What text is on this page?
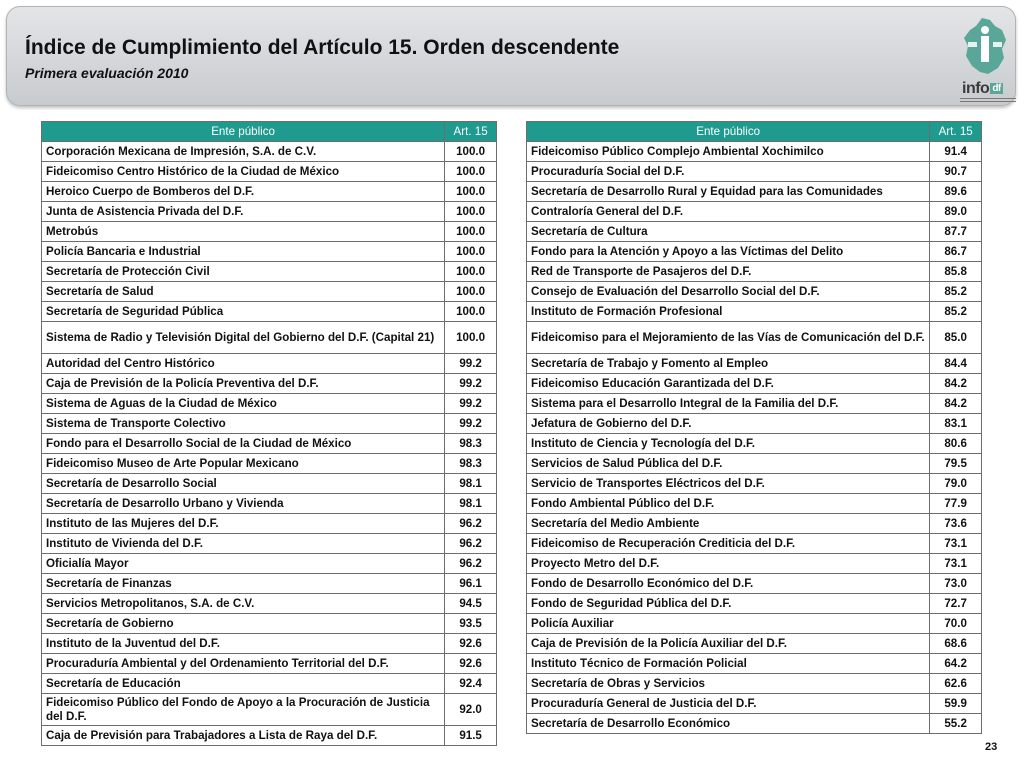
Índice de Cumplimiento del Artículo 15. Orden descendente
Primera evaluación 2010
info df
Ente público	Art. 15
Corporación Mexicana de Impresión, S.A. de C.V.	100.0
Fideicomiso Centro Histórico de la Ciudad de México	100.0
Heroico Cuerpo de Bomberos del D.F.	100.0
Junta de Asistencia Privada del D.F.	100.0
Metrobús	100.0
Policía Bancaria e Industrial	100.0
Secretaría de Protección Civil	100.0
Secretaría de Salud	100.0
Secretaría de Seguridad Pública	100.0
Sistema de Radio y Televisión Digital del Gobierno del D.F. (Capital 21)	100.0
Autoridad del Centro Histórico	99.2
Caja de Previsión de la Policía Preventiva del D.F.	99.2
Sistema de Aguas de la Ciudad de México	99.2
Sistema de Transporte Colectivo	99.2
Fondo para el Desarrollo Social de la Ciudad de México	98.3
Fideicomiso Museo de Arte Popular Mexicano	98.3
Secretaría de Desarrollo Social	98.1
Secretaría de Desarrollo Urbano y Vivienda	98.1
Instituto de las Mujeres del D.F.	96.2
Instituto de Vivienda del D.F.	96.2
Oficialía Mayor	96.2
Secretaría de Finanzas	96.1
Servicios Metropolitanos, S.A. de C.V.	94.5
Secretaría de Gobierno	93.5
Instituto de la Juventud del D.F.	92.6
Procuraduría Ambiental y del Ordenamiento Territorial del D.F.	92.6
Secretaría de Educación	92.4
Fideicomiso Público del Fondo de Apoyo a la Procuración de Justicia del D.F.	92.0
Caja de Previsión para Trabajadores a Lista de Raya del D.F.	91.5
Ente público	Art. 15
Fideicomiso Público Complejo Ambiental Xochimilco	91.4
Procuraduría Social del D.F.	90.7
Secretaría de Desarrollo Rural y Equidad para las Comunidades	89.6
Contraloría General del D.F.	89.0
Secretaría de Cultura	87.7
Fondo para la Atención y Apoyo a las Víctimas del Delito	86.7
Red de Transporte de Pasajeros del D.F.	85.8
Consejo de Evaluación del Desarrollo Social del D.F.	85.2
Instituto de Formación Profesional	85.2
Fideicomiso para el Mejoramiento de las Vías de Comunicación del D.F.	85.0
Secretaría de Trabajo y Fomento al Empleo	84.4
Fideicomiso Educación Garantizada del D.F.	84.2
Sistema para el Desarrollo Integral de la Familia del D.F.	84.2
Jefatura de Gobierno del D.F.	83.1
Instituto de Ciencia y Tecnología del D.F.	80.6
Servicios de Salud Pública del D.F.	79.5
Servicio de Transportes Eléctricos del D.F.	79.0
Fondo Ambiental Público del D.F.	77.9
Secretaría del Medio Ambiente	73.6
Fideicomiso de Recuperación Crediticia del D.F.	73.1
Proyecto Metro del D.F.	73.1
Fondo de Desarrollo Económico del D.F.	73.0
Fondo de Seguridad Pública del D.F.	72.7
Policía Auxiliar	70.0
Caja de Previsión de la Policía Auxiliar del D.F.	68.6
Instituto Técnico de Formación Policial	64.2
Secretaría de Obras y Servicios	62.6
Procuraduría General de Justicia del D.F.	59.9
Secretaría de Desarrollo Económico	55.2
23
